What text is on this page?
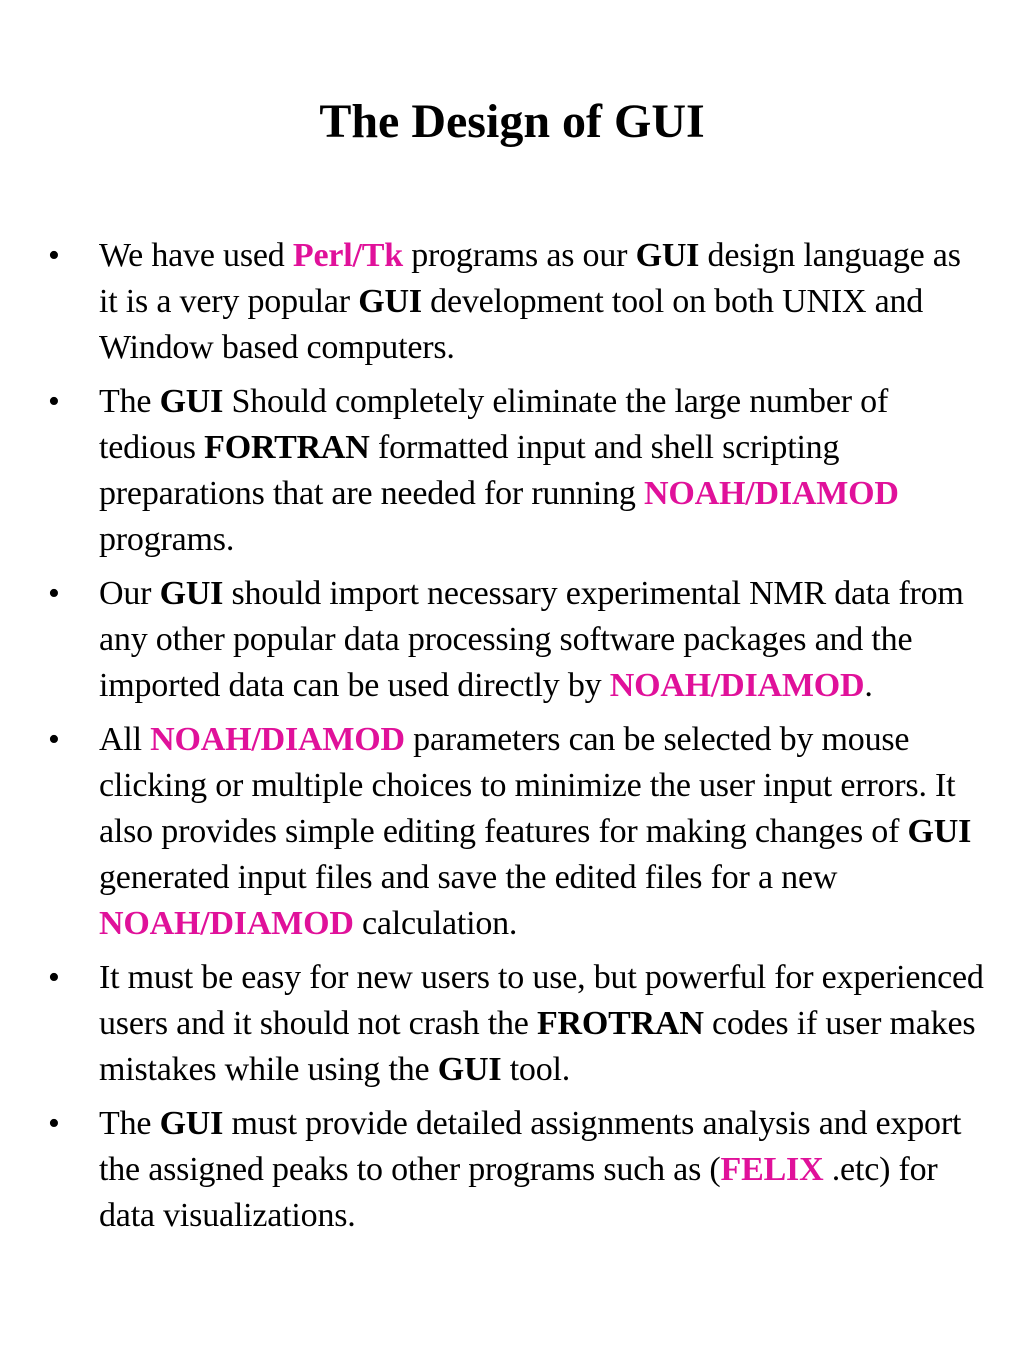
The Design of GUI
• We have used Perl/Tk programs as our GUI design language as it is a very popular GUI development tool on both UNIX and Window based computers.
• The GUI Should completely eliminate the large number of tedious FORTRAN formatted input and shell scripting preparations that are needed for running NOAH/DIAMOD programs.
• Our GUI should import necessary experimental NMR data from any other popular data processing software packages and the imported data can be used directly by NOAH/DIAMOD.
• All NOAH/DIAMOD parameters can be selected by mouse clicking or multiple choices to minimize the user input errors. It also provides simple editing features for making changes of GUI generated input files and save the edited files for a new NOAH/DIAMOD calculation.
• It must be easy for new users to use, but powerful for experienced users and it should not crash the FROTRAN codes if user makes mistakes while using the GUI tool.
• The GUI must provide detailed assignments analysis and export the assigned peaks to other programs such as (FELIX .etc) for data visualizations.
